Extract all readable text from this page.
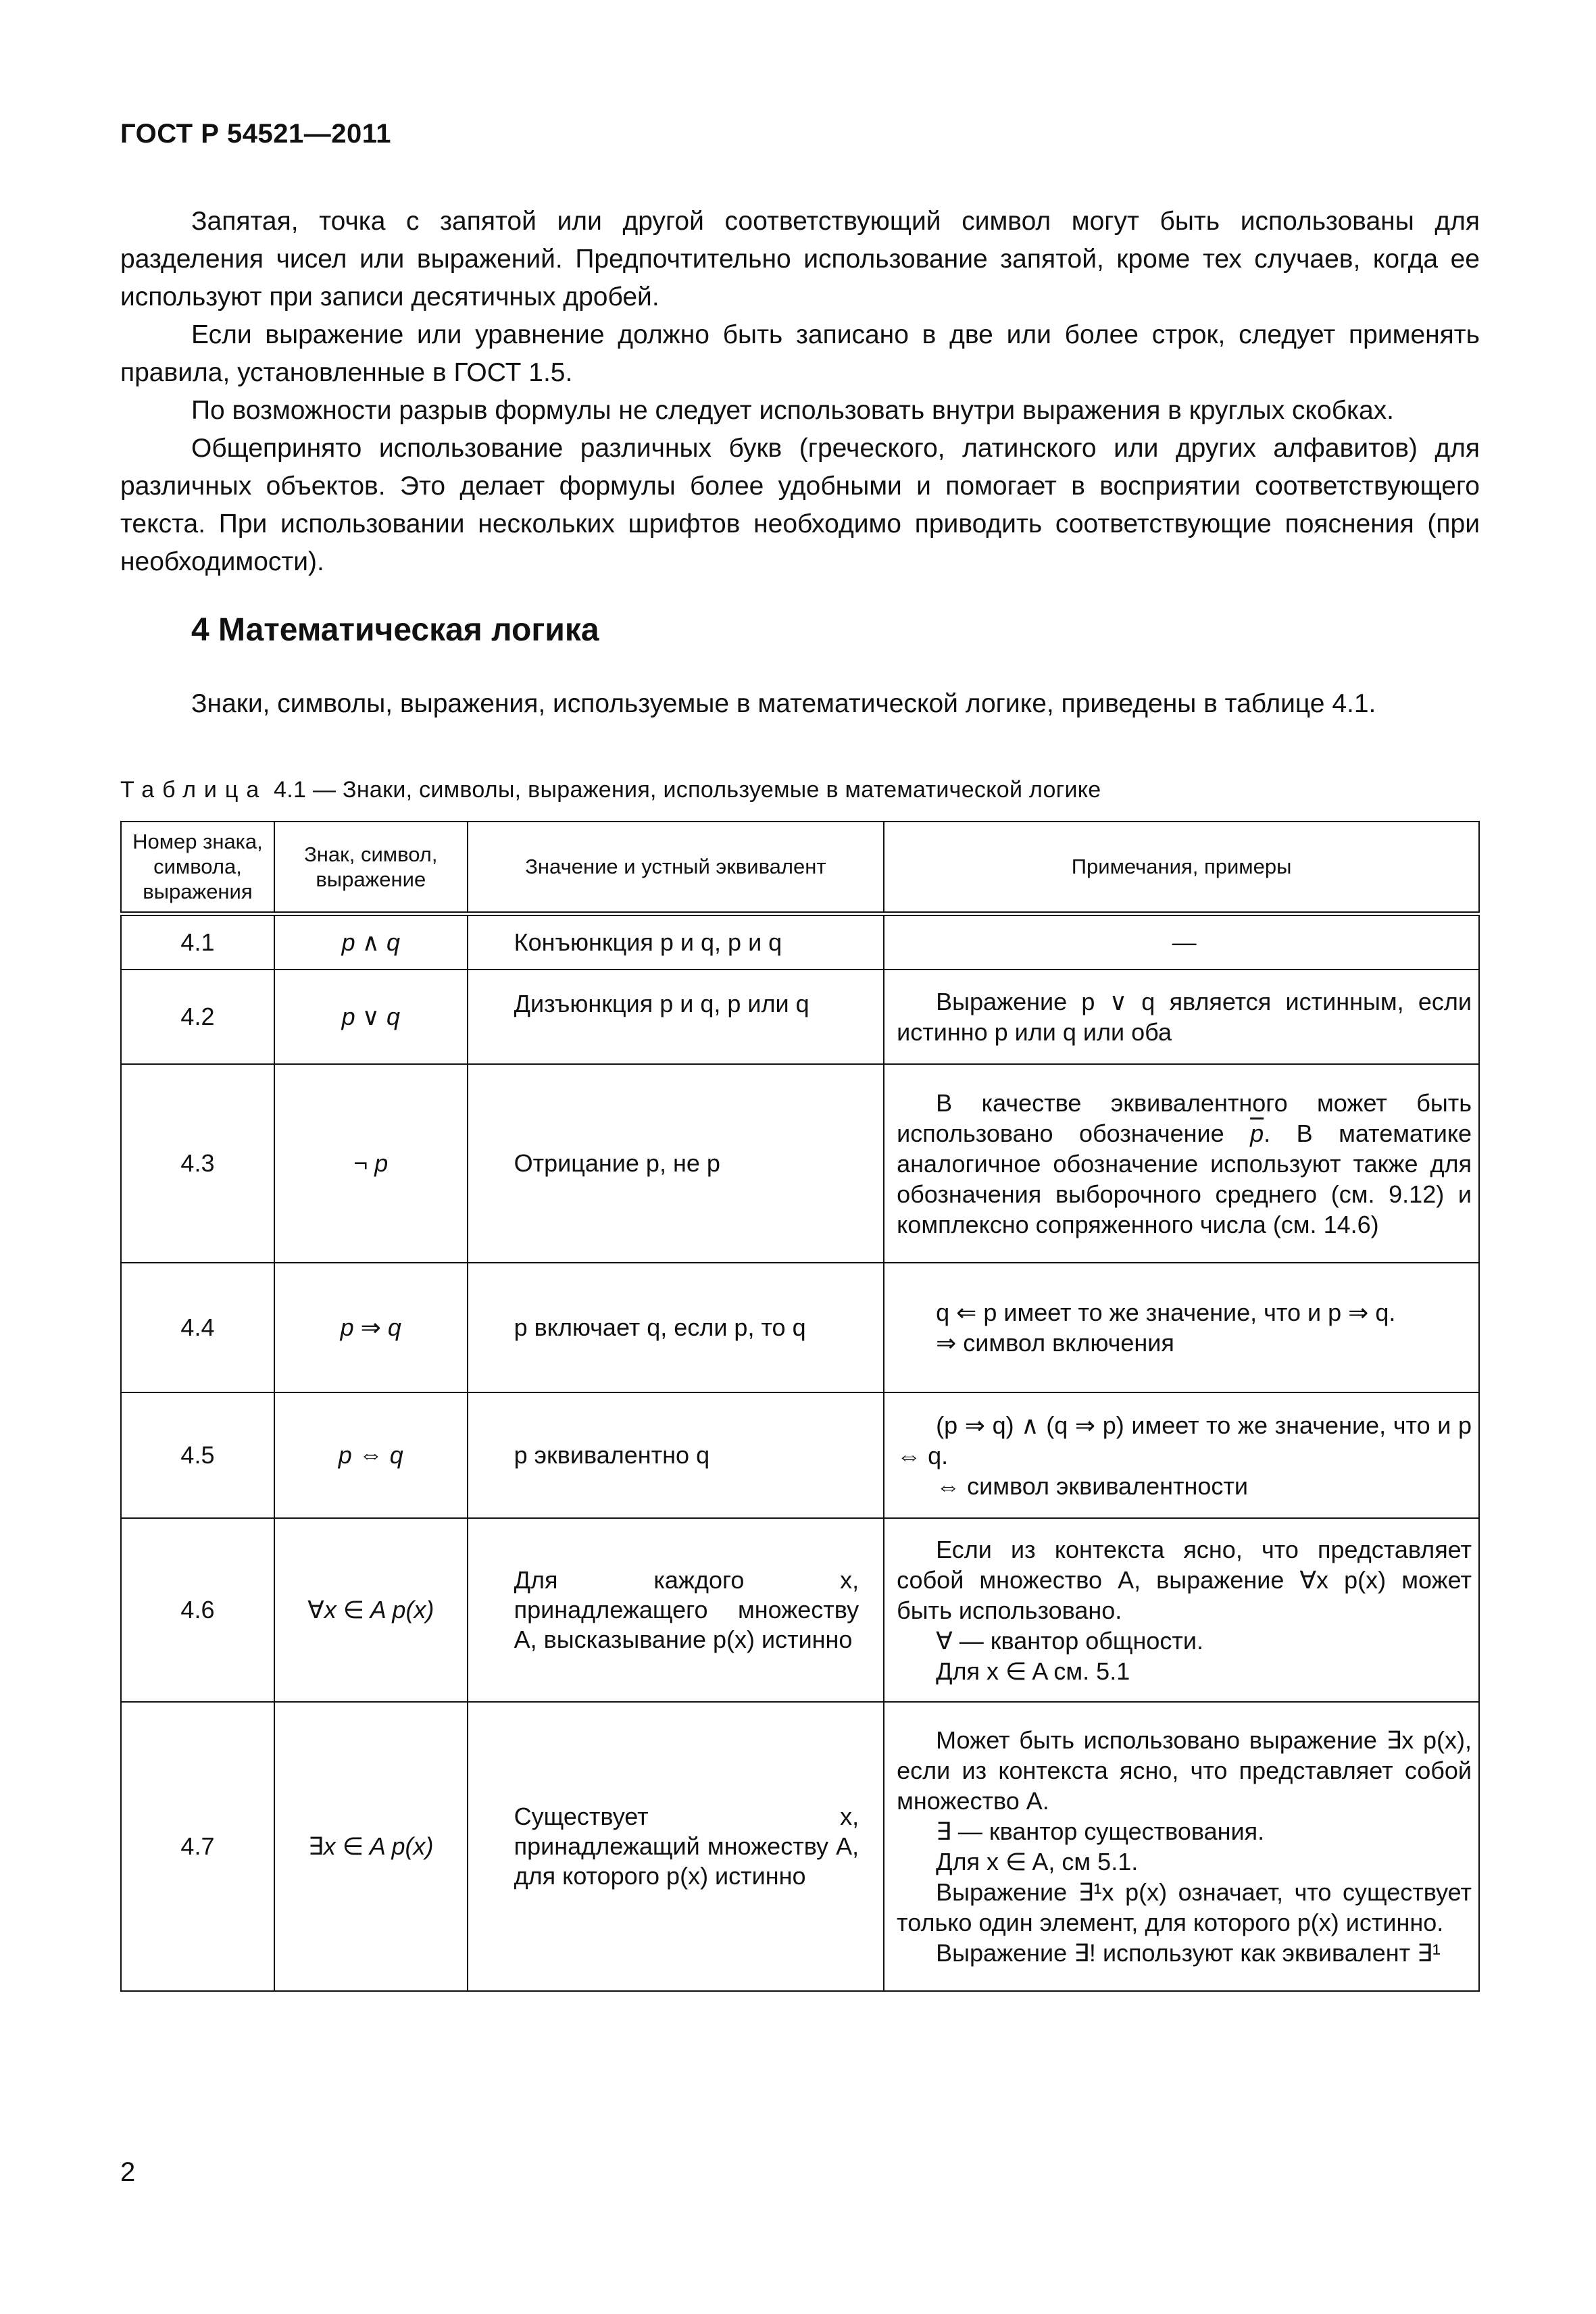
ГОСТ Р 54521—2011

Запятая, точка с запятой или другой соответствующий символ могут быть использованы для разделения чисел или выражений. Предпочтительно использование запятой, кроме тех случаев, когда ее используют при записи десятичных дробей.

Если выражение или уравнение должно быть записано в две или более строк, следует применять правила, установленные в ГОСТ 1.5.

По возможности разрыв формулы не следует использовать внутри выражения в круглых скобках.

Общепринято использование различных букв (греческого, латинского или других алфавитов) для различных объектов. Это делает формулы более удобными и помогает в восприятии соответствующего текста. При использовании нескольких шрифтов необходимо приводить соответствующие пояснения (при необходимости).

4 Математическая логика
Знаки, символы, выражения, используемые в математической логике, приведены в таблице 4.1.
Таблица 4.1 — Знаки, символы, выражения, используемые в математической логике
Номер знака, символа, выражения	Знак, символ, выражение	Значение и устный эквивалент	Примечания, примеры
4.1	p ∧ q	Конъюнкция p и q, p и q	—
4.2	p ∨ q	Дизъюнкция p и q, p или q	Выражение p ∨ q является истинным, если истинно p или q или оба

4.3	¬ p	Отрицание p, не p	В качестве эквивалентного может быть использовано обозначение $\overline{p}$. В математике аналогичное обозначение используют также для обозначения выборочного среднего (см. 9.12) и комплексно сопряженного числа (см. 14.6)

4.4	p ⇒ q	p включает q, если p, то q	q ⇐ p имеет то же значение, что и p ⇒ q.
⇒ символ включения

4.5	p ⇔ q	p эквивалентно q	(p ⇒ q) ∧ (q ⇒ p) имеет то же значение, что и p ⇔ q.
⇔ символ эквивалентности

4.6	∀x ∈ A p(x)	Для каждого x, принадлежащего множеству A, высказывание p(x) истинно	Если из контекста ясно, что представляет собой множество A, выражение ∀x p(x) может быть использовано.
∀ — квантор общности.
Для x ∈ A см. 5.1

4.7	∃x ∈ A p(x)	Существует x, принадлежащий множеству A, для которого p(x) истинно	Может быть использовано выражение ∃x p(x), если из контекста ясно, что представляет собой множество A.
∃ — квантор существования.
Для x ∈ A, см 5.1.
Выражение ∃¹x p(x) означает, что существует только один элемент, для которого p(x) истинно.
Выражение ∃! используют как эквивалент ∃¹
2
